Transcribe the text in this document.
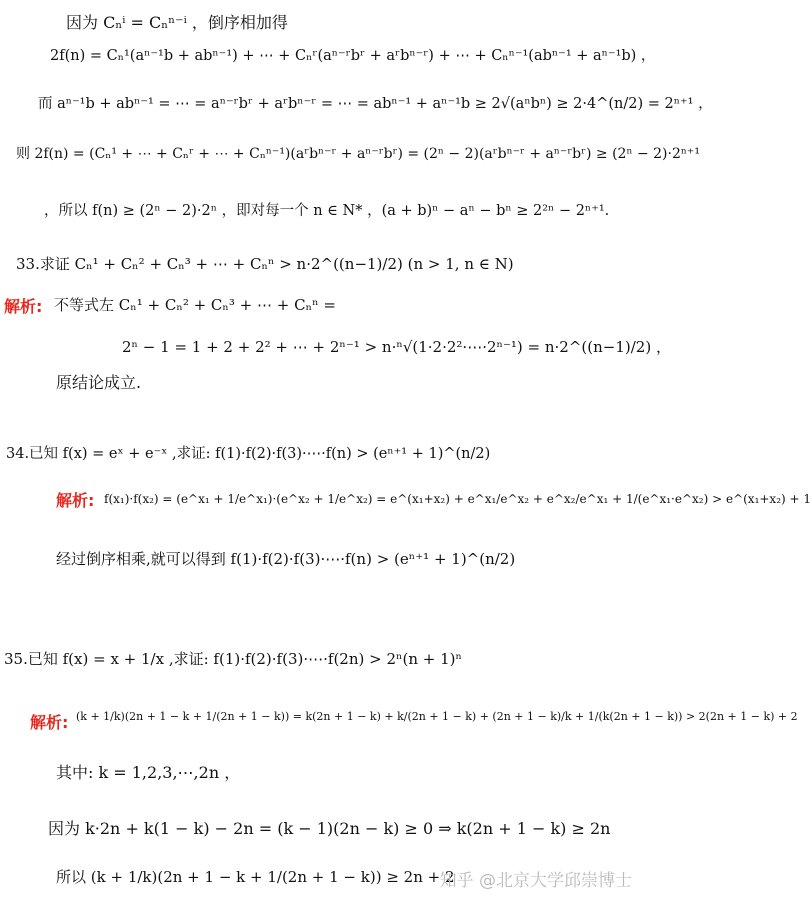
因为 Cₙⁱ = Cₙⁿ⁻ⁱ ，倒序相加得
2f(n) = Cₙ¹(aⁿ⁻¹b + abⁿ⁻¹) + ⋯ + Cₙʳ(aⁿ⁻ʳbʳ + aʳbⁿ⁻ʳ) + ⋯ + Cₙⁿ⁻¹(abⁿ⁻¹ + aⁿ⁻¹b) ，
而 aⁿ⁻¹b + abⁿ⁻¹ = ⋯ = aⁿ⁻ʳbʳ + aʳbⁿ⁻ʳ = ⋯ = abⁿ⁻¹ + aⁿ⁻¹b ≥ 2√(aⁿbⁿ) ≥ 2·4^(n/2) = 2ⁿ⁺¹ ，
则 2f(n) = (Cₙ¹ + ⋯ + Cₙʳ + ⋯ + Cₙⁿ⁻¹)(aʳbⁿ⁻ʳ + aⁿ⁻ʳbʳ) = (2ⁿ − 2)(aʳbⁿ⁻ʳ + aⁿ⁻ʳbʳ) ≥ (2ⁿ − 2)·2ⁿ⁺¹
，所以 f(n) ≥ (2ⁿ − 2)·2ⁿ ，即对每一个 n ∈ N* ，(a + b)ⁿ − aⁿ − bⁿ ≥ 2²ⁿ − 2ⁿ⁺¹.
33.求证 Cₙ¹ + Cₙ² + Cₙ³ + ⋯ + Cₙⁿ > n·2^((n−1)/2) (n > 1, n ∈ N)
解析: 不等式左 Cₙ¹ + Cₙ² + Cₙ³ + ⋯ + Cₙⁿ =
2ⁿ − 1 = 1 + 2 + 2² + ⋯ + 2ⁿ⁻¹ > n·ⁿ√(1·2·2²·⋯·2ⁿ⁻¹) = n·2^((n−1)/2) ，
原结论成立.
34.已知 f(x) = eˣ + e⁻ˣ ,求证: f(1)·f(2)·f(3)·⋯·f(n) > (eⁿ⁺¹ + 1)^(n/2)
解析: f(x₁)·f(x₂) = (e^x₁ + 1/e^x₁)·(e^x₂ + 1/e^x₂) = e^(x₁+x₂) + e^x₁/e^x₂ + e^x₂/e^x₁ + 1/(e^x₁·e^x₂) > e^(x₁+x₂) + 1
经过倒序相乘,就可以得到 f(1)·f(2)·f(3)·⋯·f(n) > (eⁿ⁺¹ + 1)^(n/2)
35.已知 f(x) = x + 1/x ,求证: f(1)·f(2)·f(3)·⋯·f(2n) > 2ⁿ(n + 1)ⁿ
解析: (k + 1/k)(2n + 1 − k + 1/(2n + 1 − k)) = k(2n + 1 − k) + k/(2n + 1 − k) + (2n + 1 − k)/k + 1/(k(2n + 1 − k)) > 2(2n + 1 − k) + 2
其中: k = 1,2,3,⋯,2n ，
因为 k·2n + k(1 − k) − 2n = (k − 1)(2n − k) ≥ 0 ⇒ k(2n + 1 − k) ≥ 2n
所以 (k + 1/k)(2n + 1 − k + 1/(2n + 1 − k)) ≥ 2n + 2
知乎 @北京大学邱崇博士
